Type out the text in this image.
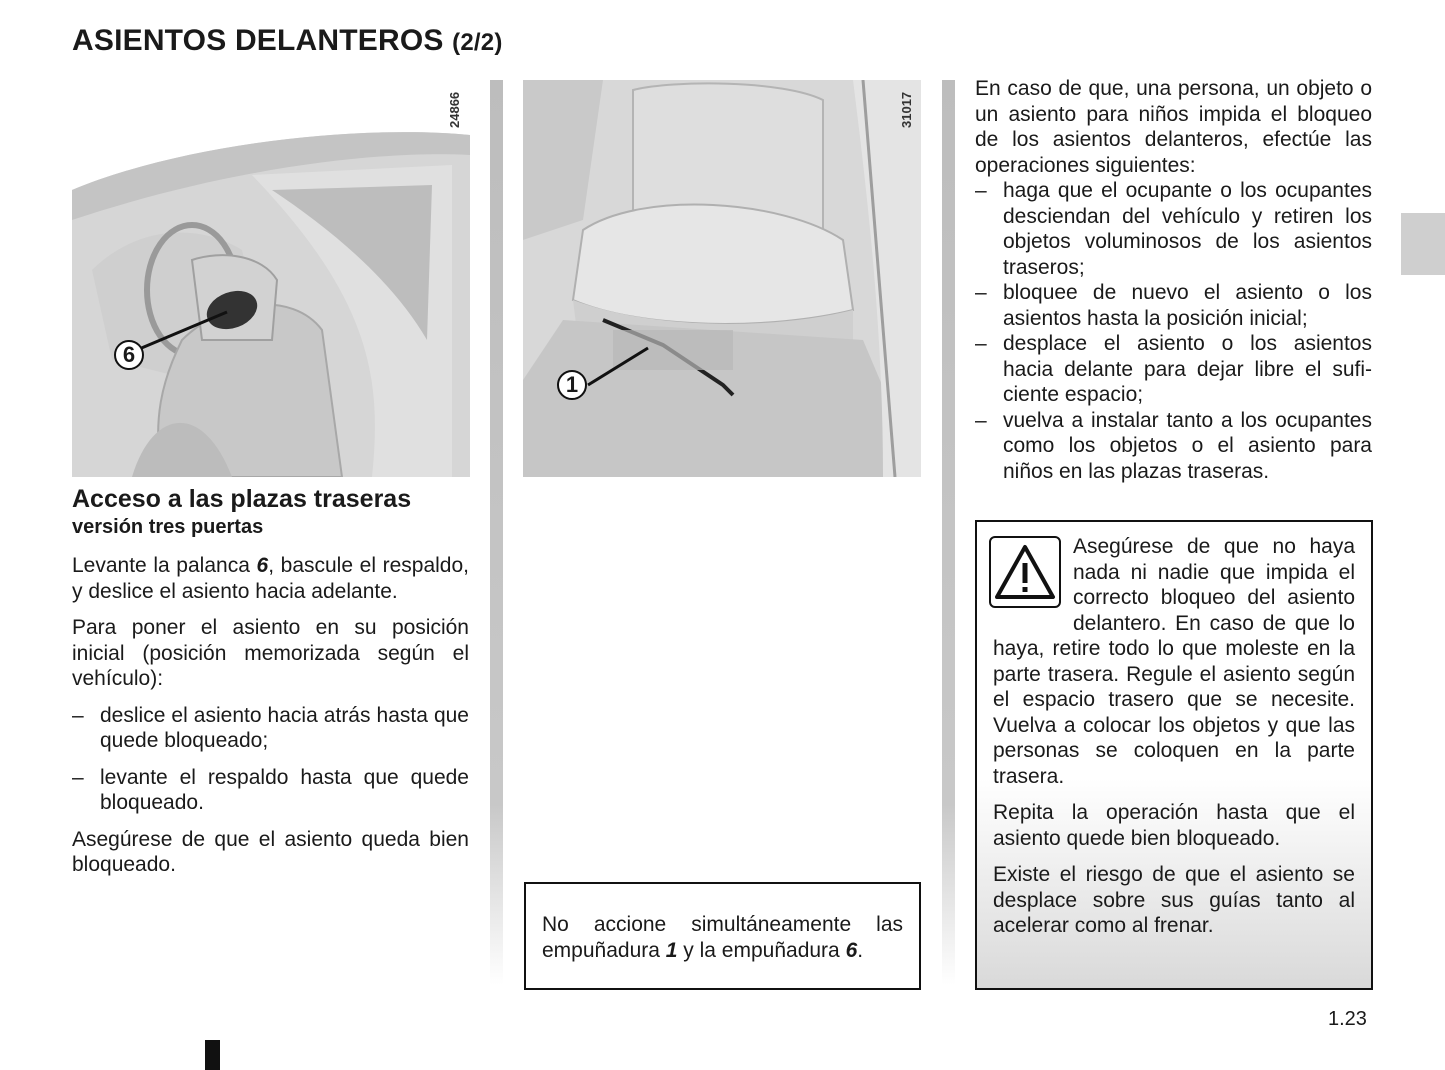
ASIENTOS DELANTEROS (2/2)
24866
6
31017
1
Acceso a las plazas traseras
versión tres puertas

Levante la palanca 6, bascule el respaldo, y deslice el asiento hacia adelante.

Para poner el asiento en su posición inicial (posición memorizada según el vehículo):

– deslice el asiento hacia atrás hasta que quede bloqueado;
– levante el respaldo hasta que quede bloqueado.

Asegúrese de que el asiento queda bien bloqueado.

No accione simultáneamente las empuñadura 1 y la empuñadura 6.

En caso de que, una persona, un objeto o un asiento para niños impida el bloqueo de los asientos delanteros, efectúe las operaciones siguientes:

– haga que el ocupante o los ocupantes desciendan del vehículo y retiren los objetos voluminosos de los asientos traseros;
– bloquee de nuevo el asiento o los asientos hasta la posición inicial;
– desplace el asiento o los asientos hacia delante para dejar libre el suficiente espacio;
– vuelva a instalar tanto a los ocupantes como los objetos o el asiento para niños en las plazas traseras.

Asegúrese de que no haya nada ni nadie que impida el correcto bloqueo del asiento delantero. En caso de que lo haya, retire todo lo que moleste en la parte trasera. Regule el asiento según el espacio trasero que se necesite. Vuelva a colocar los objetos y que las personas se coloquen en la parte trasera.

Repita la operación hasta que el asiento quede bien bloqueado.

Existe el riesgo de que el asiento se desplace sobre sus guías tanto al acelerar como al frenar.

1.23
